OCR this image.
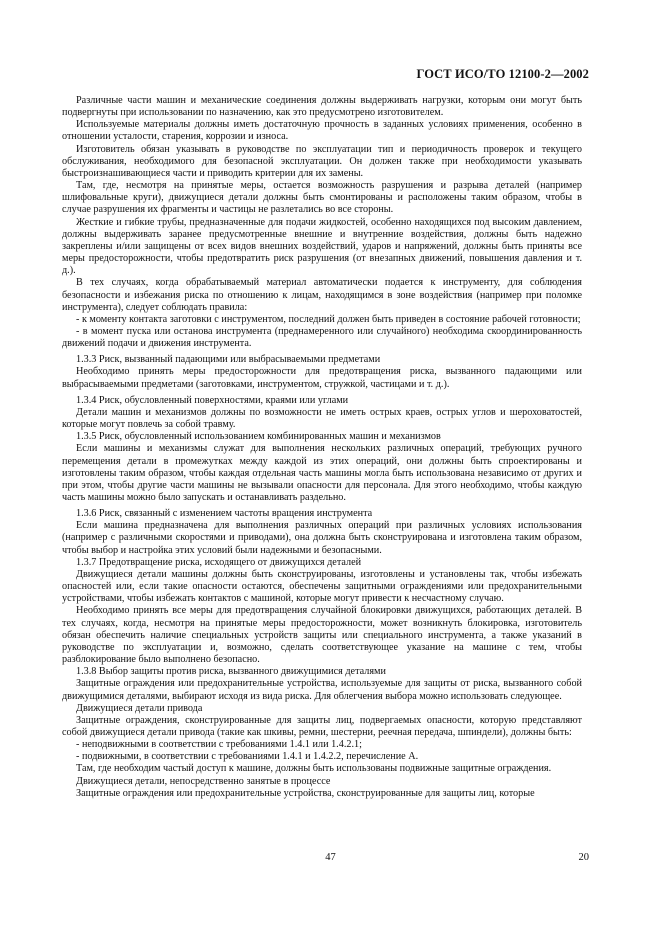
ГОСТ ИСО/ТО 12100-2—2002

Различные части машин и механические соединения должны выдерживать нагрузки, которым они могут быть подвергнуты при использовании по назначению, как это предусмотрено изготовителем.

Используемые материалы должны иметь достаточную прочность в заданных условиях применения, особенно в отношении усталости, старения, коррозии и износа.

Изготовитель обязан указывать в руководстве по эксплуатации тип и периодичность проверок и текущего обслуживания, необходимого для безопасной эксплуатации. Он должен также при необходимости указывать быстроизнашивающиеся части и приводить критерии для их замены.

Там, где, несмотря на принятые меры, остается возможность разрушения и разрыва деталей (например шлифовальные круги), движущиеся детали должны быть смонтированы и расположены таким образом, чтобы в случае разрушения их фрагменты и частицы не разлетались во все стороны.

Жесткие и гибкие трубы, предназначенные для подачи жидкостей, особенно находящихся под высоким давлением, должны выдерживать заранее предусмотренные внешние и внутренние воздействия, должны быть надежно закреплены и/или защищены от всех видов внешних воздействий, ударов и напряжений, должны быть приняты все меры предосторожности, чтобы предотвратить риск разрушения (от внезапных движений, повышения давления и т. д.).

В тех случаях, когда обрабатываемый материал автоматически подается к инструменту, для соблюдения безопасности и избежания риска по отношению к лицам, находящимся в зоне воздействия (например при поломке инструмента), следует соблюдать правила:

- к моменту контакта заготовки с инструментом, последний должен быть приведен в состояние рабочей готовности;

- в момент пуска или останова инструмента (преднамеренного или случайного) необходима скоординированность движений подачи и движения инструмента.

1.3.3 Риск, вызванный падающими или выбрасываемыми предметами

Необходимо принять меры предосторожности для предотвращения риска, вызванного падающими или выбрасываемыми предметами (заготовками, инструментом, стружкой, частицами и т. д.).

1.3.4 Риск, обусловленный поверхностями, краями или углами

Детали машин и механизмов должны по возможности не иметь острых краев, острых углов и шероховатостей, которые могут повлечь за собой травму.

1.3.5 Риск, обусловленный использованием комбинированных машин и механизмов

Если машины и механизмы служат для выполнения нескольких различных операций, требующих ручного перемещения детали в промежутках между каждой из этих операций, они должны быть спроектированы и изготовлены таким образом, чтобы каждая отдельная часть машины могла быть использована независимо от других и при этом, чтобы другие части машины не вызывали опасности для персонала. Для этого необходимо, чтобы каждую часть машины можно было запускать и останавливать раздельно.

1.3.6 Риск, связанный с изменением частоты вращения инструмента

Если машина предназначена для выполнения различных операций при различных условиях использования (например с различными скоростями и приводами), она должна быть сконструирована и изготовлена таким образом, чтобы выбор и настройка этих условий были надежными и безопасными.

1.3.7 Предотвращение риска, исходящего от движущихся деталей

Движущиеся детали машины должны быть сконструированы, изготовлены и установлены так, чтобы избежать опасностей или, если такие опасности остаются, обеспечены защитными ограждениями или предохранительными устройствами, чтобы избежать контактов с машиной, которые могут привести к несчастному случаю.

Необходимо принять все меры для предотвращения случайной блокировки движущихся, работающих деталей. В тех случаях, когда, несмотря на принятые меры предосторожности, может возникнуть блокировка, изготовитель обязан обеспечить наличие специальных устройств защиты или специального инструмента, а также указаний в руководстве по эксплуатации и, возможно, сделать соответствующее указание на машине с тем, чтобы разблокирование было выполнено безопасно.

1.3.8 Выбор защиты против риска, вызванного движущимися деталями

Защитные ограждения или предохранительные устройства, используемые для защиты от риска, вызванного собой движущимися деталями, выбирают исходя из вида риска. Для облегчения выбора можно использовать следующее.

Движущиеся детали привода

Защитные ограждения, сконструированные для защиты лиц, подвергаемых опасности, которую представляют собой движущиеся детали привода (такие как шкивы, ремни, шестерни, реечная передача, шпиндели), должны быть:

- неподвижными в соответствии с требованиями 1.4.1 или 1.4.2.1;

- подвижными, в соответствии с требованиями 1.4.1 и 1.4.2.2, перечисление А.

Там, где необходим частый доступ к машине, должны быть использованы подвижные защитные ограждения.

Движущиеся детали, непосредственно занятые в процессе

Защитные ограждения или предохранительные устройства, сконструированные для защиты лиц, которые

47	20
